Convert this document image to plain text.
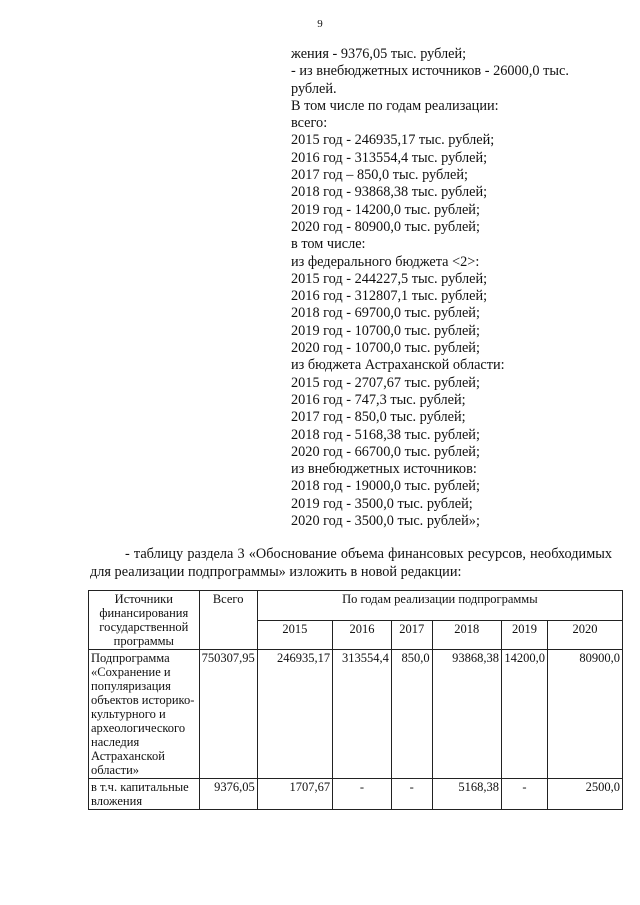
9
жения - 9376,05 тыс. рублей;
- из внебюджетных источников - 26000,0 тыс.
рублей.
В том числе по годам реализации:
всего:
2015 год - 246935,17 тыс. рублей;
2016 год - 313554,4 тыс. рублей;
2017 год – 850,0 тыс. рублей;
2018 год - 93868,38 тыс. рублей;
2019 год - 14200,0 тыс. рублей;
2020 год - 80900,0 тыс. рублей;
в том числе:
из федерального бюджета <2>:
2015 год - 244227,5 тыс. рублей;
2016 год - 312807,1 тыс. рублей;
2018 год - 69700,0 тыс. рублей;
2019 год - 10700,0 тыс. рублей;
2020 год - 10700,0 тыс. рублей;
из бюджета Астраханской области:
2015 год - 2707,67 тыс. рублей;
2016 год - 747,3 тыс. рублей;
2017 год - 850,0 тыс. рублей;
2018 год - 5168,38 тыс. рублей;
2020 год - 66700,0 тыс. рублей;
из внебюджетных источников:
2018 год - 19000,0 тыс. рублей;
2019 год - 3500,0 тыс. рублей;
2020 год - 3500,0 тыс. рублей»;
- таблицу раздела 3 «Обоснование объема финансовых ресурсов, необходимых для реализации подпрограммы» изложить в новой редакции:
Источники финансирования государственной программы	Всего	По годам реализации подпрограммы					
		2015	2016	2017	2018	2019	2020
Подпрограмма «Сохранение и популяризация объектов историко-культурного и археологического наследия Астраханской области»	750307,95	246935,17	313554,4	850,0	93868,38	14200,0	80900,0
в т.ч. капитальные вложения	9376,05	1707,67	-	-	5168,38	-	2500,0
